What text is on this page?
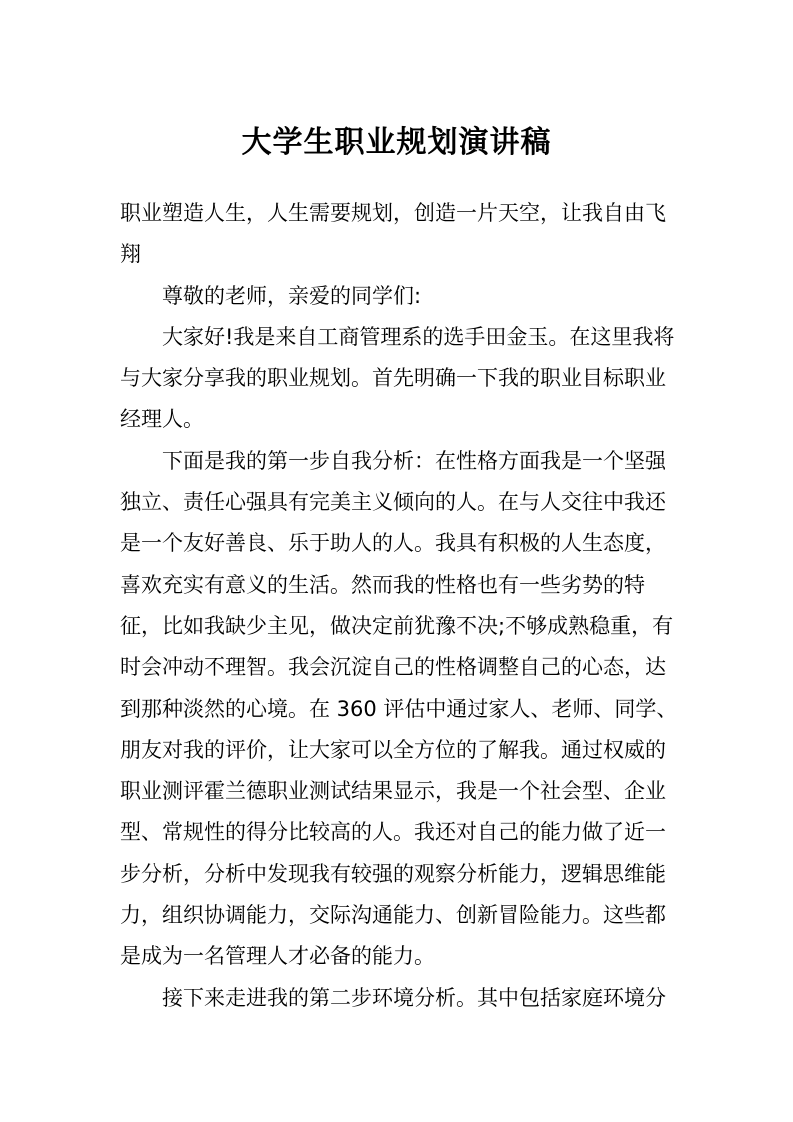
大学生职业规划演讲稿

职业塑造人生，人生需要规划，创造一片天空，让我自由飞翔

尊敬的老师，亲爱的同学们:

大家好!我是来自工商管理系的选手田金玉。在这里我将与大家分享我的职业规划。首先明确一下我的职业目标职业经理人。

下面是我的第一步自我分析：在性格方面我是一个坚强独立、责任心强具有完美主义倾向的人。在与人交往中我还是一个友好善良、乐于助人的人。我具有积极的人生态度，喜欢充实有意义的生活。然而我的性格也有一些劣势的特征，比如我缺少主见，做决定前犹豫不决;不够成熟稳重，有时会冲动不理智。我会沉淀自己的性格调整自己的心态，达到那种淡然的心境。在 360 评估中通过家人、老师、同学、朋友对我的评价，让大家可以全方位的了解我。通过权威的职业测评霍兰德职业测试结果显示，我是一个社会型、企业型、常规性的得分比较高的人。我还对自己的能力做了近一步分析，分析中发现我有较强的观察分析能力，逻辑思维能力，组织协调能力，交际沟通能力、创新冒险能力。这些都是成为一名管理人才必备的能力。

接下来走进我的第二步环境分析。其中包括家庭环境分
